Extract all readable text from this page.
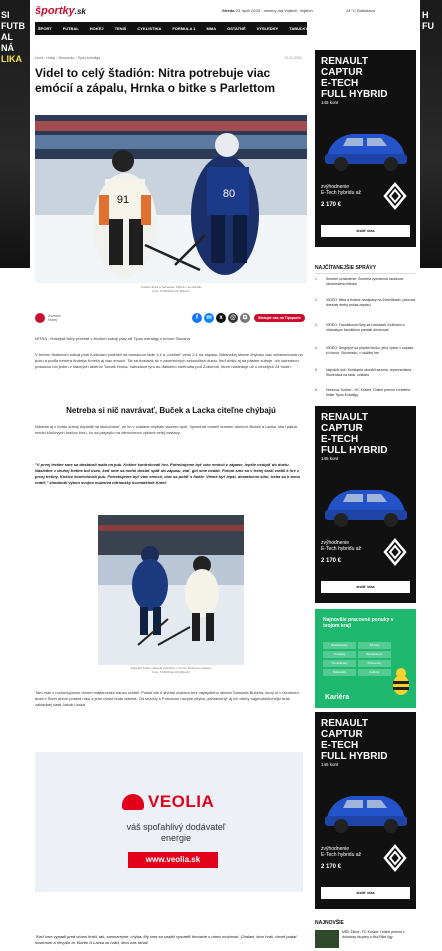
SI
FUTBAL
NÁ
LIKA
H
FU
športky.sk	Streda 23. apríl 2025 · meniny má Vojtech, Vojtěch	24 °C Bratislava
ŠPORT	FUTBAL	HOKEJ	TENIS	CYKLISTIKA	FORMULA 1	MMA	OSTATNÉ	VÝSLEDKY	TABUĽKY
Úvod › Hokej › Slovensko › Tipos extraliga	23.04.2025
Videl to celý štadión: Nitra potrebuje viac emócií a zápalu, Hrnka o bitke s Parlettom
91	80
Tobiáš Hrnka a Sebastian Parlett v semifinále
Foto: TASR/Henrich Mišovič
Zoznam
Hokej	f	m	x	@	⧉	Sledujte nás na Tipsporte
NITRA - Hokejisti Nitry prehrali v štvrtom súboji play-off Tipos extraligy s tímom Slovana.
V treťom finálovom súboji proti Košiciam podľahli na domácom ľade 1:4 a „oceliari“ vedú 2:1 na zápasy. Nitranskej stráne chýbalo viac sebavedomia na puku a podľa trénera Andreja Kmeťa aj viac emócií. Tie sa dostavili až v zaverečných sekundách duelu, keď došlo aj na pästné súboje. Ich ústrednou postavou bol jeden z hlavných aktérov Tomáš Hrnka, nabudúce tým do ďalšieho stretnutia pod Zoborom, ktoré nasleduje už o necelých 24 hodín.
Netreba si nič navrávať, Buček a Lacka citeľne chýbajú
Nitrania aj v tomto súboji doplatili na skutočnosť, že im v zostave chýbalo viacero opôr. Vynechať museli zranení útočníci Buček a Lacka, ktorí patria medzi kľúčových hráčov tímu, čo sa prejavilo na ofenzívnom výkone celej zostavy.
"V prvej tretine sme sa dostávali málo na puk. Kokice kontrolovali hru. Potrebujeme byť viac emócií v zápase, lepšie vstúpiť do duelu. Následne v druhej tretine bol úsek, keď sme sa mohli dostať späť do zápasu, žiaľ, gól sme nedali. Potom sme sa v tretej časti vrátili k hre z prvej tretiny, Košice kontrolovali puk. Potrebujeme byť viac emócií, viac sa pobiť s finále. Vieme byť lepší, dostatočne silní, treba sa k tomu vrátiť," zhodnotil výkon svojho mužstva nitriansky kormidelník Kmeť.
Hokejisti Košíc oslavujú víťazstvo v treťom finálovom zápase
Foto: TASR/Henrich Mišovič
Tam mali v rozhodujúcom tímom majstrovskú šancu zvrátiť. Pokiaľ ide o štvrtok zostavu bez najlepšieho strelca Samuela Bučeka, ktorý si v úvodnom dueli v Steel aréne poranil ruku a jeho účasť bude otázna. Od sezóny s Potrubom navyše chýba „zahraničný“ aj ich druhý najproduktívnejší hráč základnej časti Jakub Lacka.
VEOLIA
váš spoľahlivý dodávateľ energie
www.veolia.sk
"Keď sme vypadli pred očami hráči, tak, samozrejme, chýba. My sme sa snažili vysvetliť formácie s rámci možností. Chalani, ktorí hrali, chceli podať maximum a nevyšlo to. Buček či Lacka sú hráči, ktorí nás ťahali
RENAULT
CAPTUR
E-TECH
FULL HYBRID
145 konī
zvýhodnenie
E-Tech hybridu až
2 170 €
zistiť viac
NAJČÍTANEJŠIE SPRÁVY
1.	Smutné oznámenie: Zomrela významná osobnosť slovenského futbalu
2.	VIDEO: Nitra a Košice nezápasy na Zvernitkach: polovica dnešnej derby počas zápasu
3.	VIDEO: Fanúšikovia Nitry sa rozhádali, Košiciam a nitranskym fanúšikom prestali dôverovať
4.	VIDEO: Sergejovi sa pripíše blízko, jeho výkon v zápase si hovorí, Slovensko, v otužilej hre
5.	Najväčší šok: Košičania ukončili sezónu, reprezentácia Slovenska na skok, zvládnu
6.	Hnrkova: Košice - HC Košice, Online prenos z tretieho finále Tipos Extraligy
RENAULT
CAPTUR
E-TECH
FULL HYBRID
145 konī
zvýhodnenie
E-Tech hybridu až
2 170 €
zistiť viac
Najnovšie pracovné ponuky v tvojom kraji
Bratislavský	Žilinský
Trnavský	Banskobyst.
Trenčiansky	Prešovský
Nitriansky	Košický
Kariéra
RENAULT
CAPTUR
E-TECH
FULL HYBRID
145 konī
zvýhodnenie
E-Tech hybridu až
2 170 €
zistiť viac
NAJNOVŠIE
MŠK Žilina - FC Košice: Online prenos z dohrávky skupiny o titul Niké ligy
